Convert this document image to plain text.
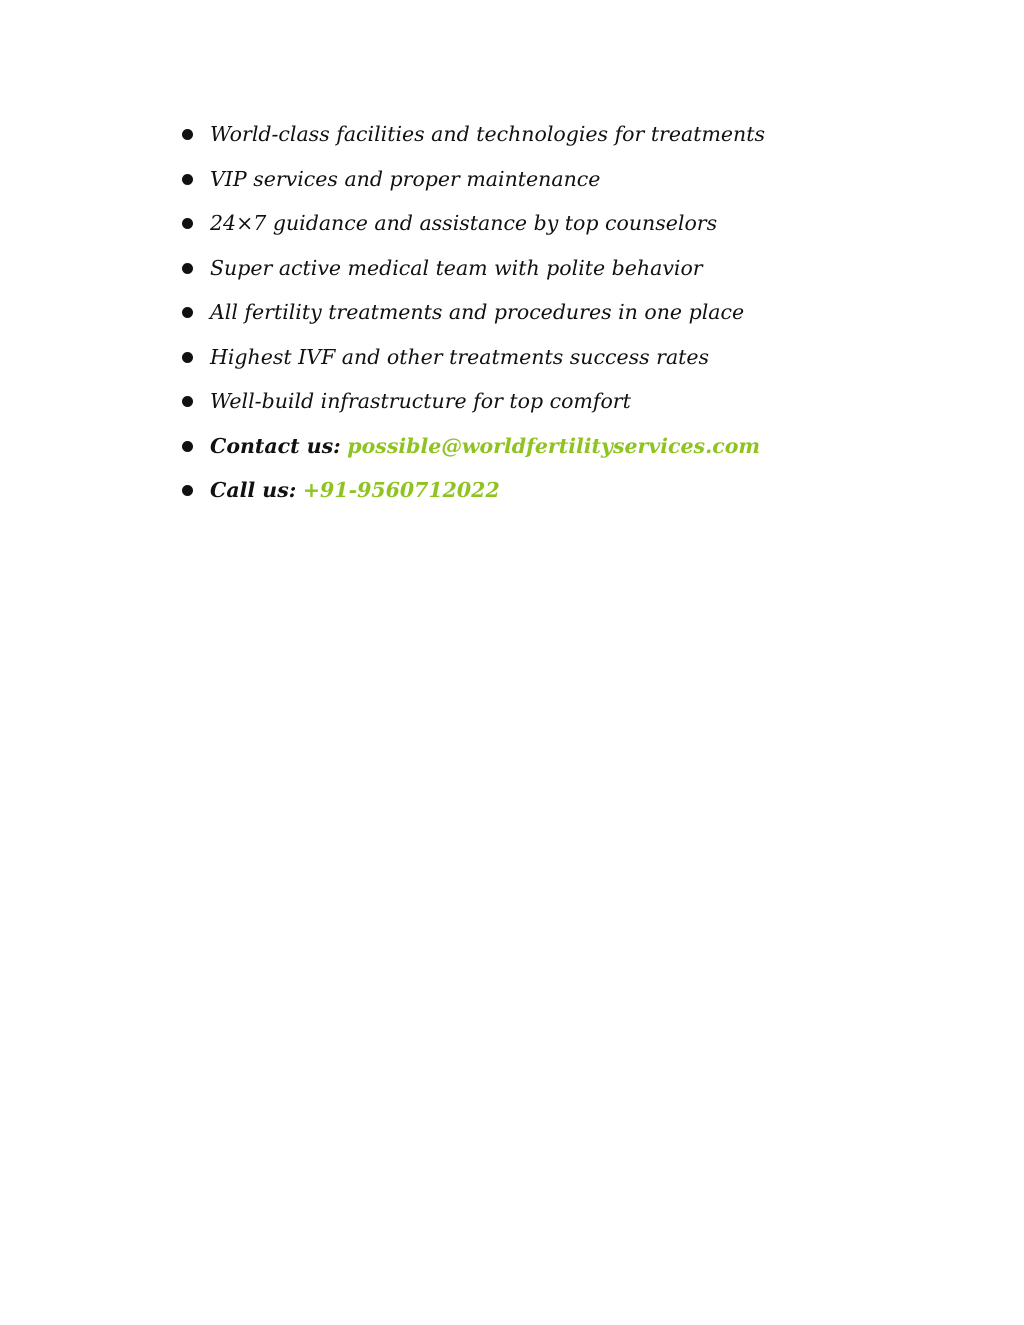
World-class facilities and technologies for treatments
VIP services and proper maintenance
24×7 guidance and assistance by top counselors
Super active medical team with polite behavior
All fertility treatments and procedures in one place
Highest IVF and other treatments success rates
Well-build infrastructure for top comfort
Contact us: possible@worldfertilityservices.com
Call us: +91-9560712022
